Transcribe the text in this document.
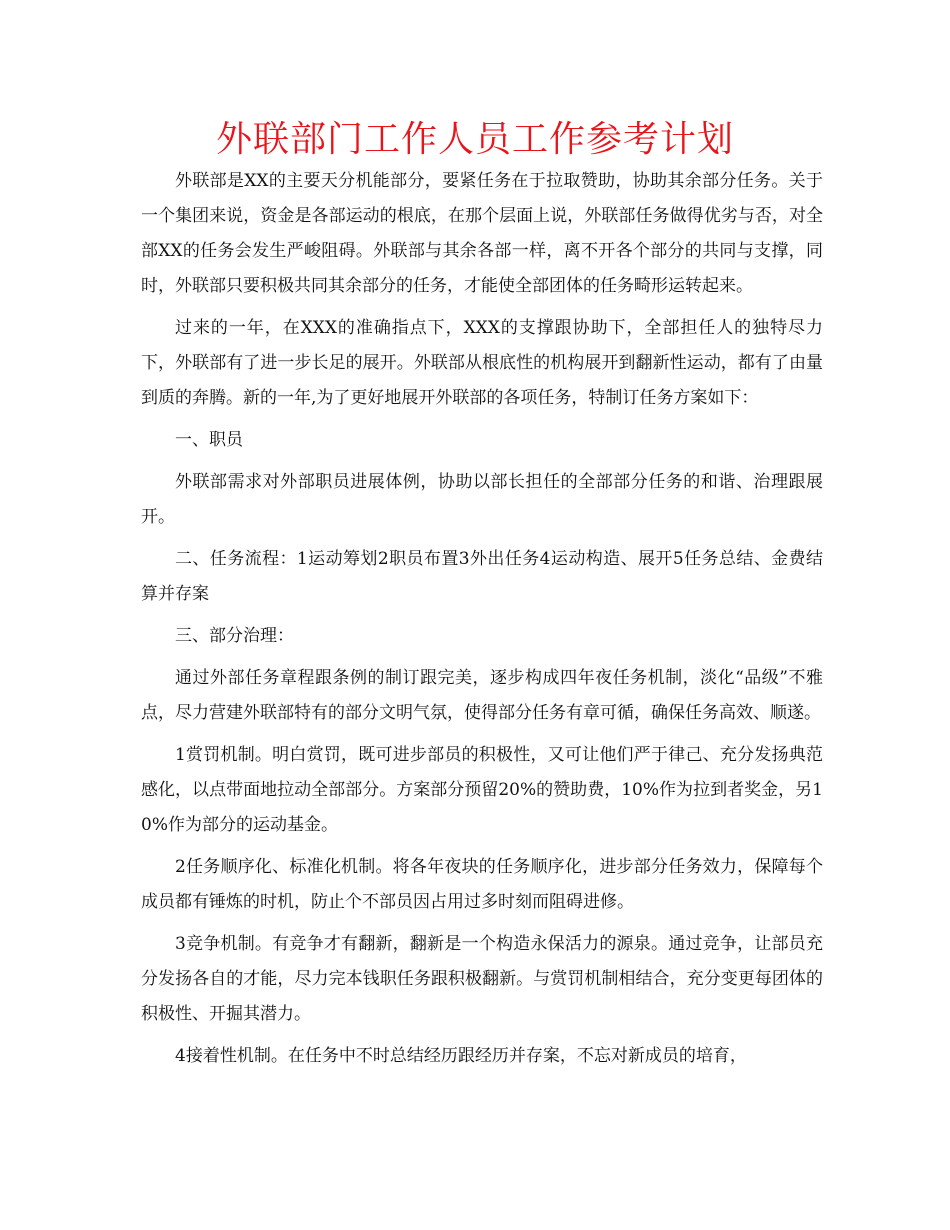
外联部门工作人员工作参考计划

外联部是XX的主要天分机能部分，要紧任务在于拉取赞助，协助其余部分任务。关于一个集团来说，资金是各部运动的根底，在那个层面上说，外联部任务做得优劣与否，对全部XX的任务会发生严峻阻碍。外联部与其余各部一样，离不开各个部分的共同与支撑，同时，外联部只要积极共同其余部分的任务，才能使全部团体的任务畸形运转起来。

过来的一年，在XXX的准确指点下，XXX的支撑跟协助下，全部担任人的独特尽力下，外联部有了进一步长足的展开。外联部从根底性的机构展开到翻新性运动，都有了由量到质的奔腾。新的一年,为了更好地展开外联部的各项任务，特制订任务方案如下：

一、职员

外联部需求对外部职员进展体例，协助以部长担任的全部部分任务的和谐、治理跟展开。

二、任务流程：1运动筹划2职员布置3外出任务4运动构造、展开5任务总结、金费结算并存案

三、部分治理：

通过外部任务章程跟条例的制订跟完美，逐步构成四年夜任务机制，淡化“品级”不雅点，尽力营建外联部特有的部分文明气氛，使得部分任务有章可循，确保任务高效、顺遂。

1赏罚机制。明白赏罚，既可进步部员的积极性，又可让他们严于律己、充分发扬典范感化，以点带面地拉动全部部分。方案部分预留20%的赞助费，10%作为拉到者奖金，另10%作为部分的运动基金。

2任务顺序化、标准化机制。将各年夜块的任务顺序化，进步部分任务效力，保障每个成员都有锤炼的时机，防止个不部员因占用过多时刻而阻碍进修。

3竞争机制。有竞争才有翻新，翻新是一个构造永保活力的源泉。通过竞争，让部员充分发扬各自的才能，尽力完本钱职任务跟积极翻新。与赏罚机制相结合，充分变更每团体的积极性、开掘其潜力。

4接着性机制。在任务中不时总结经历跟经历并存案，不忘对新成员的培育，
